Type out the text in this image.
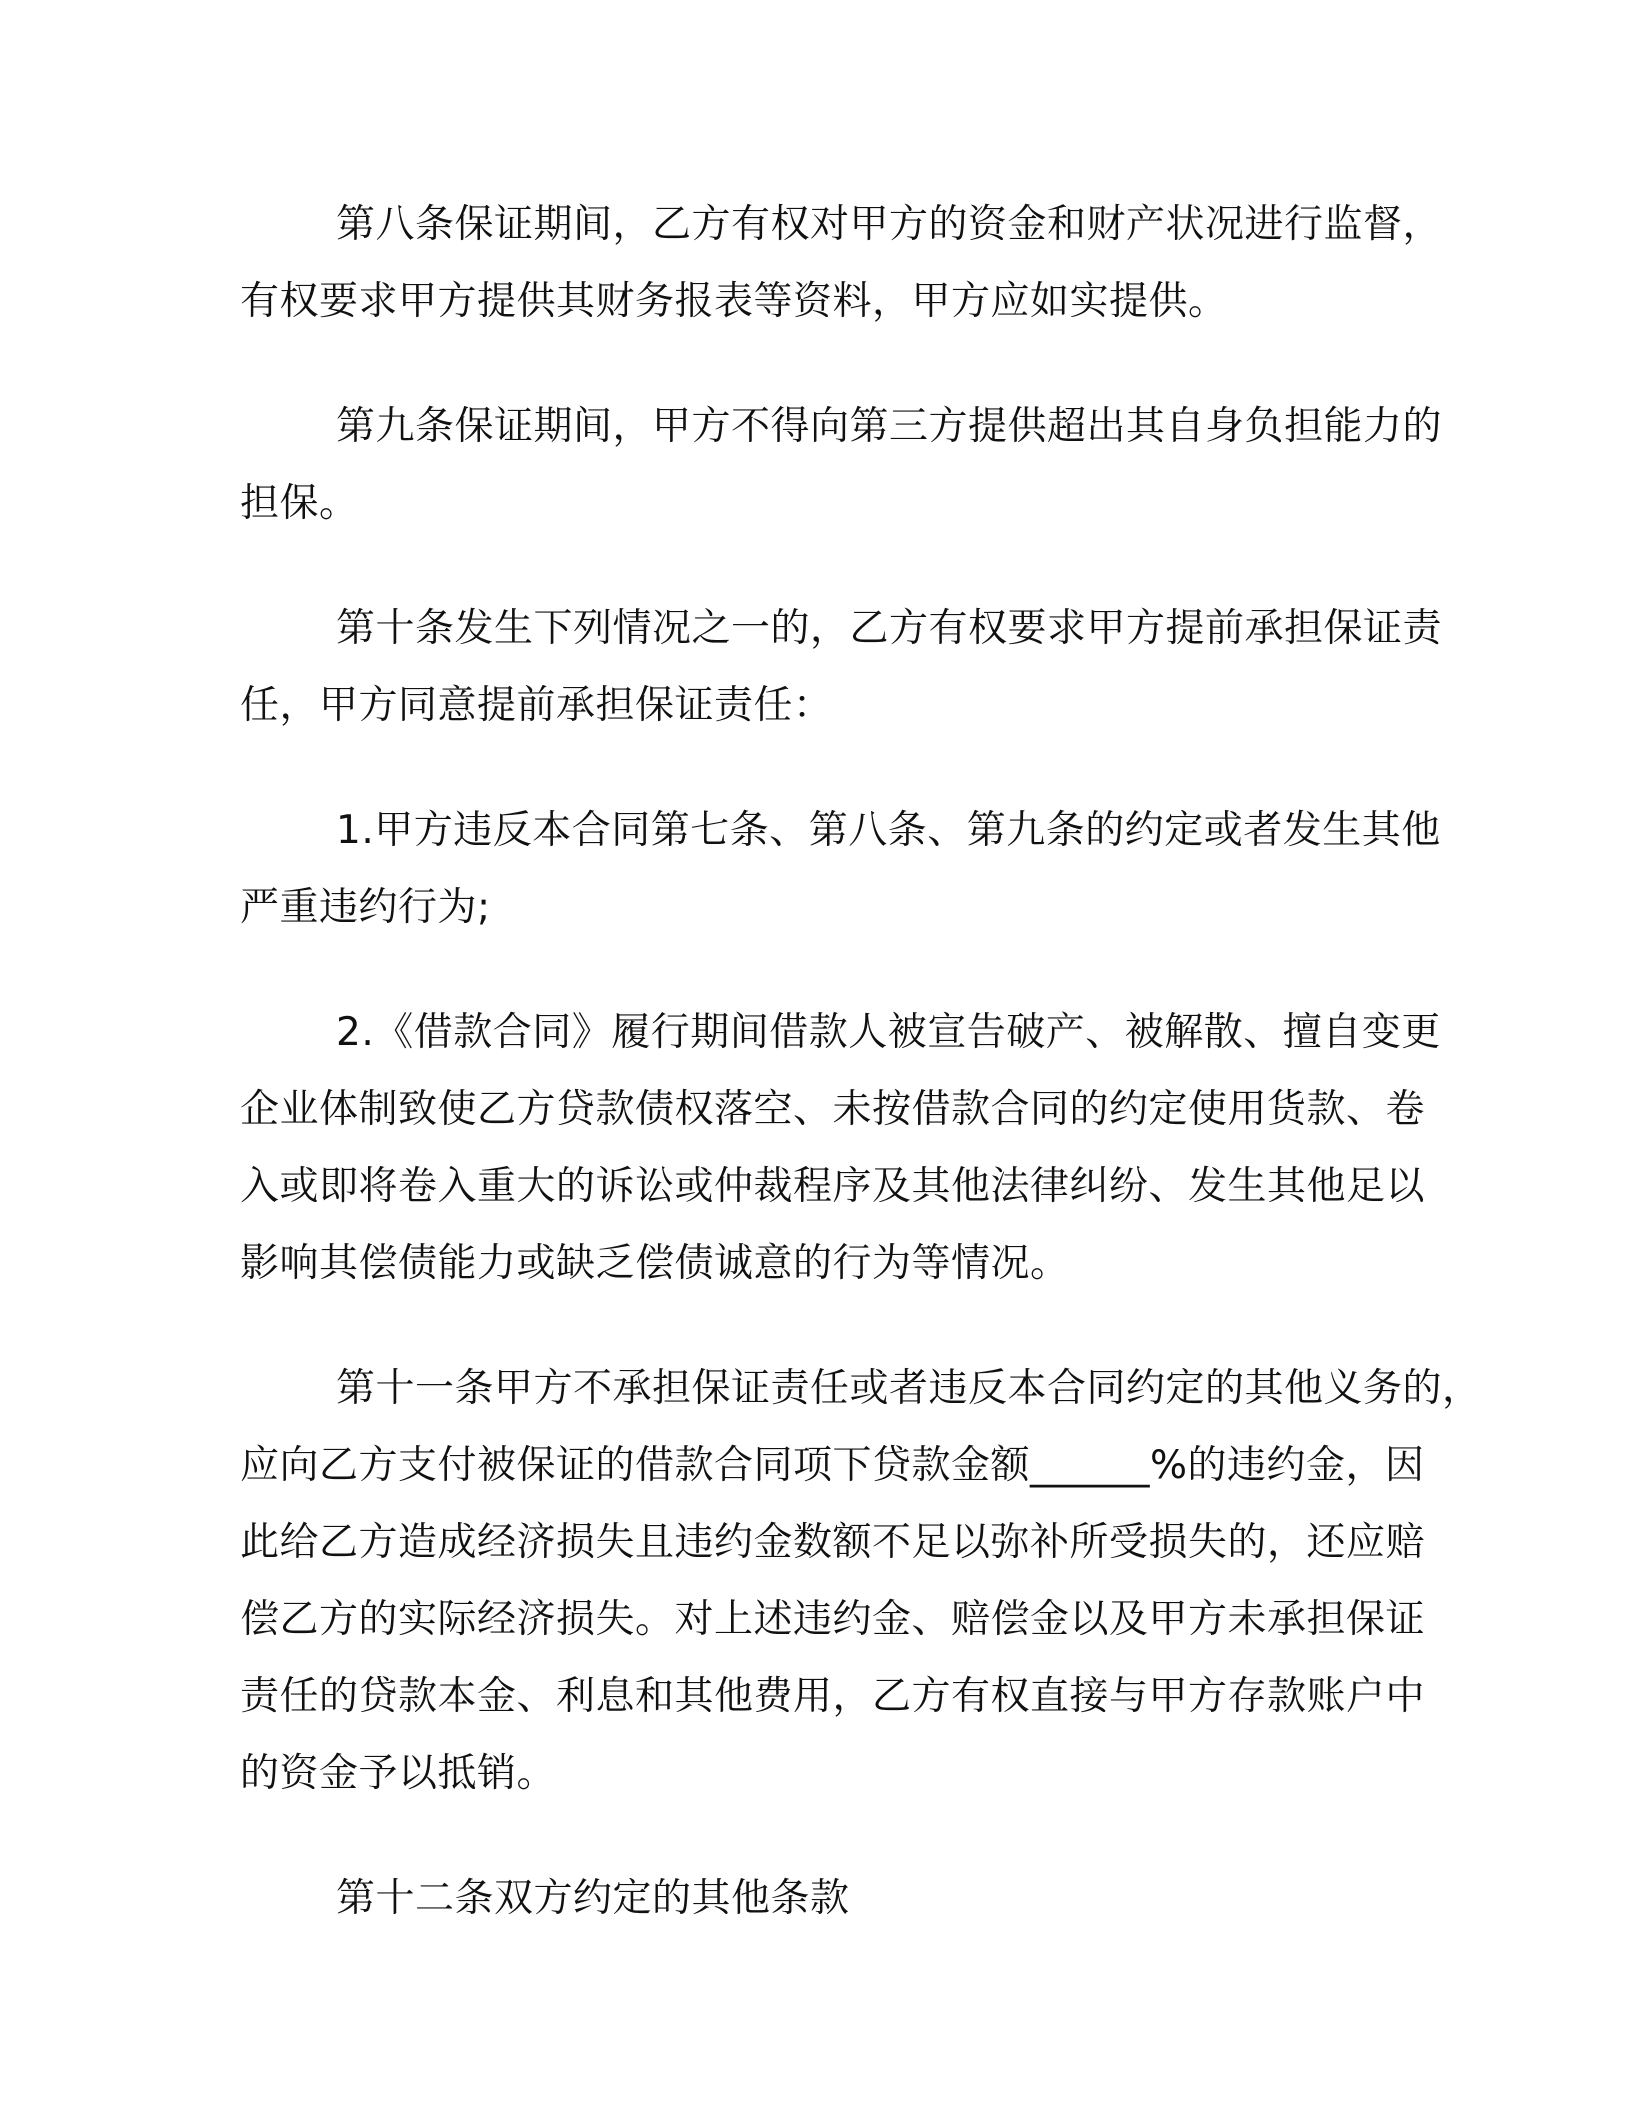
第八条保证期间，乙方有权对甲方的资金和财产状况进行监督，
有权要求甲方提供其财务报表等资料，甲方应如实提供。

第九条保证期间，甲方不得向第三方提供超出其自身负担能力的
担保。

第十条发生下列情况之一的，乙方有权要求甲方提前承担保证责
任，甲方同意提前承担保证责任：

1.甲方违反本合同第七条、第八条、第九条的约定或者发生其他
严重违约行为;

2.《借款合同》履行期间借款人被宣告破产、被解散、擅自变更
企业体制致使乙方贷款债权落空、未按借款合同的约定使用货款、卷
入或即将卷入重大的诉讼或仲裁程序及其他法律纠纷、发生其他足以
影响其偿债能力或缺乏偿债诚意的行为等情况。

第十一条甲方不承担保证责任或者违反本合同约定的其他义务的，
应向乙方支付被保证的借款合同项下贷款金额______%的违约金，因
此给乙方造成经济损失且违约金数额不足以弥补所受损失的，还应赔
偿乙方的实际经济损失。对上述违约金、赔偿金以及甲方未承担保证
责任的贷款本金、利息和其他费用，乙方有权直接与甲方存款账户中
的资金予以抵销。

第十二条双方约定的其他条款
